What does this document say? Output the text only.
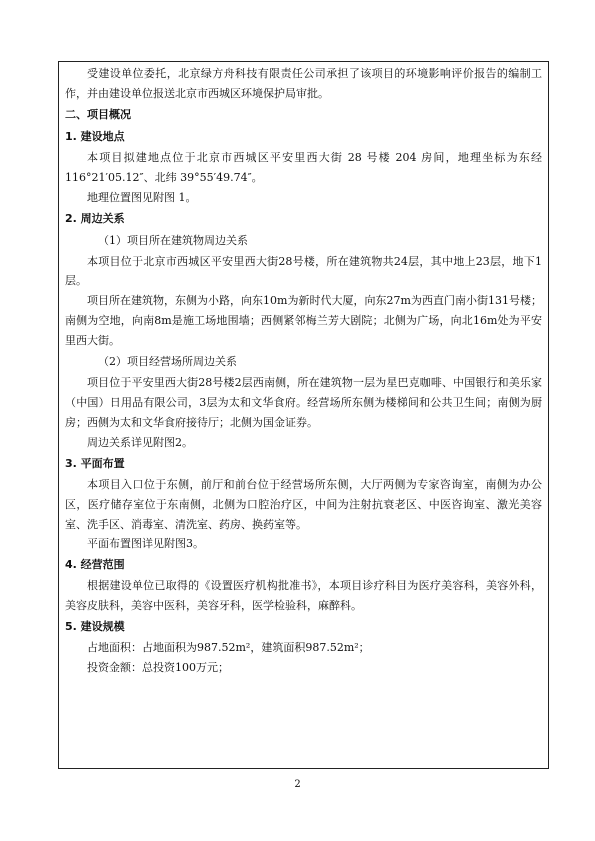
受建设单位委托，北京绿方舟科技有限责任公司承担了该项目的环境影响评价报告的编制工作，并由建设单位报送北京市西城区环境保护局审批。

二、项目概况

1. 建设地点

本项目拟建地点位于北京市西城区平安里西大街 28 号楼 204 房间，地理坐标为东经116°21′05.12″、北纬 39°55′49.74″。

地理位置图见附图 1。

2. 周边关系

（1）项目所在建筑物周边关系

本项目位于北京市西城区平安里西大街28号楼，所在建筑物共24层，其中地上23层，地下1层。

项目所在建筑物，东侧为小路，向东10m为新时代大厦，向东27m为西直门南小街131号楼；南侧为空地，向南8m是施工场地围墙；西侧紧邻梅兰芳大剧院；北侧为广场，向北16m处为平安里西大街。

（2）项目经营场所周边关系

项目位于平安里西大街28号楼2层西南侧，所在建筑物一层为星巴克咖啡、中国银行和美乐家（中国）日用品有限公司，3层为太和文华食府。经营场所东侧为楼梯间和公共卫生间；南侧为厨房；西侧为太和文华食府接待厅；北侧为国金证券。

周边关系详见附图2。

3. 平面布置

本项目入口位于东侧，前厅和前台位于经营场所东侧，大厅两侧为专家咨询室，南侧为办公区，医疗储存室位于东南侧，北侧为口腔治疗区，中间为注射抗衰老区、中医咨询室、激光美容室、洗手区、消毒室、清洗室、药房、换药室等。

平面布置图详见附图3。

4. 经营范围

根据建设单位已取得的《设置医疗机构批准书》，本项目诊疗科目为医疗美容科，美容外科，美容皮肤科，美容中医科，美容牙科，医学检验科，麻醉科。

5. 建设规模

占地面积：占地面积为987.52m²，建筑面积987.52m²；

投资金额：总投资100万元；

2
